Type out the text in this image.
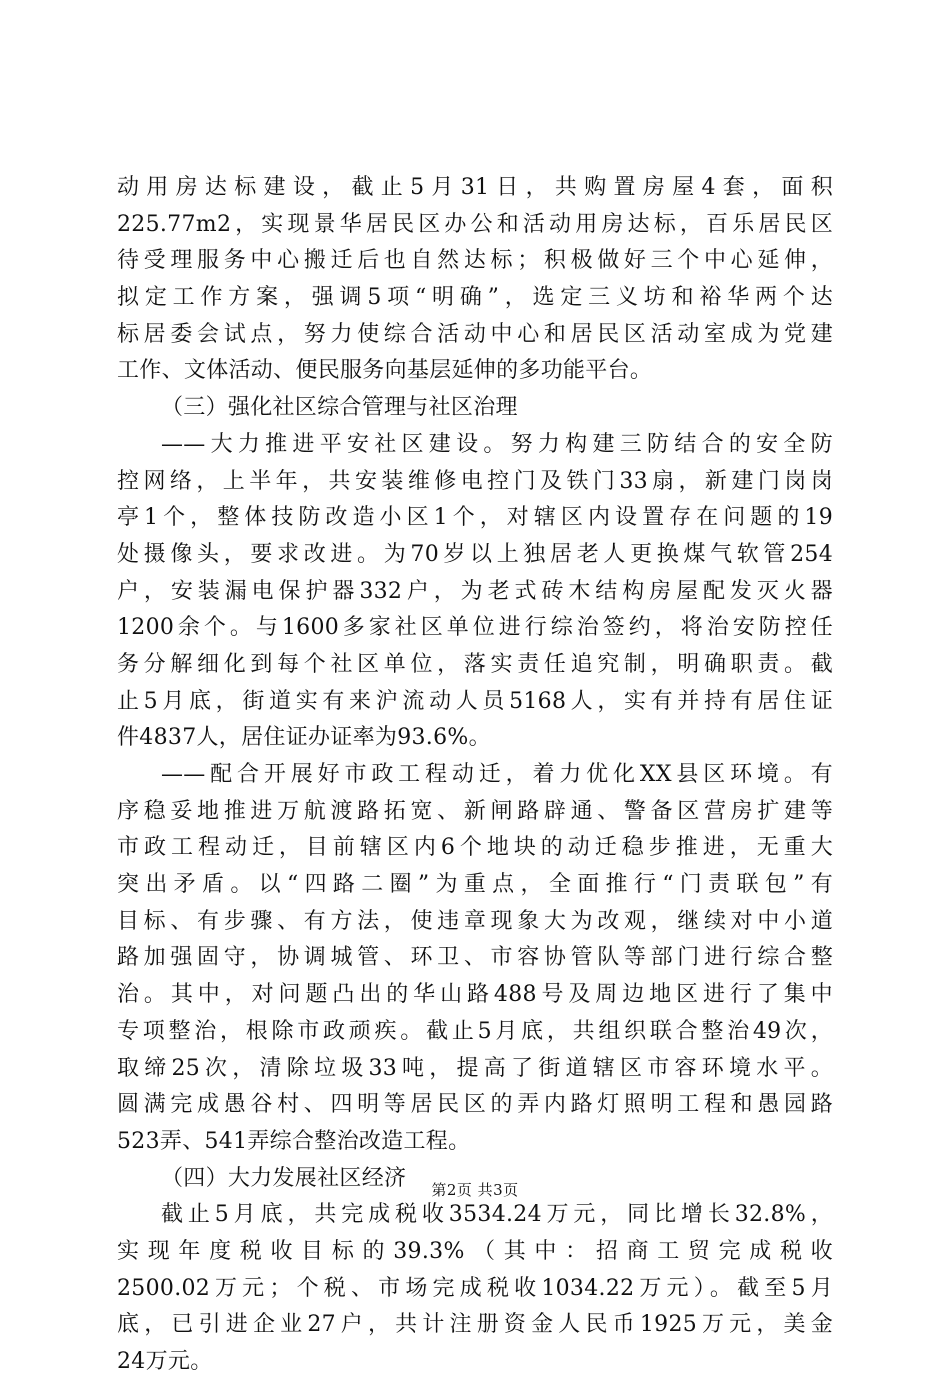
动用房达标建设，截止5月31日，共购置房屋4套，面积
225.77m2，实现景华居民区办公和活动用房达标，百乐居民区
待受理服务中心搬迁后也自然达标；积极做好三个中心延伸，
拟定工作方案，强调5项“明确”，选定三义坊和裕华两个达
标居委会试点，努力使综合活动中心和居民区活动室成为党建
工作、文体活动、便民服务向基层延伸的多功能平台。
（三）强化社区综合管理与社区治理
——大力推进平安社区建设。努力构建三防结合的安全防
控网络，上半年，共安装维修电控门及铁门33扇，新建门岗岗
亭1个，整体技防改造小区1个，对辖区内设置存在问题的19
处摄像头，要求改进。为70岁以上独居老人更换煤气软管254
户，安装漏电保护器332户，为老式砖木结构房屋配发灭火器
1200余个。与1600多家社区单位进行综治签约，将治安防控任
务分解细化到每个社区单位，落实责任追究制，明确职责。截
止5月底，街道实有来沪流动人员5168人，实有并持有居住证
件4837人，居住证办证率为93.6%。
——配合开展好市政工程动迁，着力优化XX县区环境。有
序稳妥地推进万航渡路拓宽、新闸路辟通、警备区营房扩建等
市政工程动迁，目前辖区内6个地块的动迁稳步推进，无重大
突出矛盾。以“四路二圈”为重点，全面推行“门责联包”有
目标、有步骤、有方法，使违章现象大为改观，继续对中小道
路加强固守，协调城管、环卫、市容协管队等部门进行综合整
治。其中，对问题凸出的华山路488号及周边地区进行了集中
专项整治，根除市政顽疾。截止5月底，共组织联合整治49次，
取缔25次，清除垃圾33吨，提高了街道辖区市容环境水平。
圆满完成愚谷村、四明等居民区的弄内路灯照明工程和愚园路
523弄、541弄综合整治改造工程。
（四）大力发展社区经济
截止5月底，共完成税收3534.24万元，同比增长32.8%，
实现年度税收目标的39.3%（其中：招商工贸完成税收
2500.02万元；个税、市场完成税收1034.22万元）。截至5月
底，已引进企业27户，共计注册资金人民币1925万元，美金
24万元。
第2页 共3页
